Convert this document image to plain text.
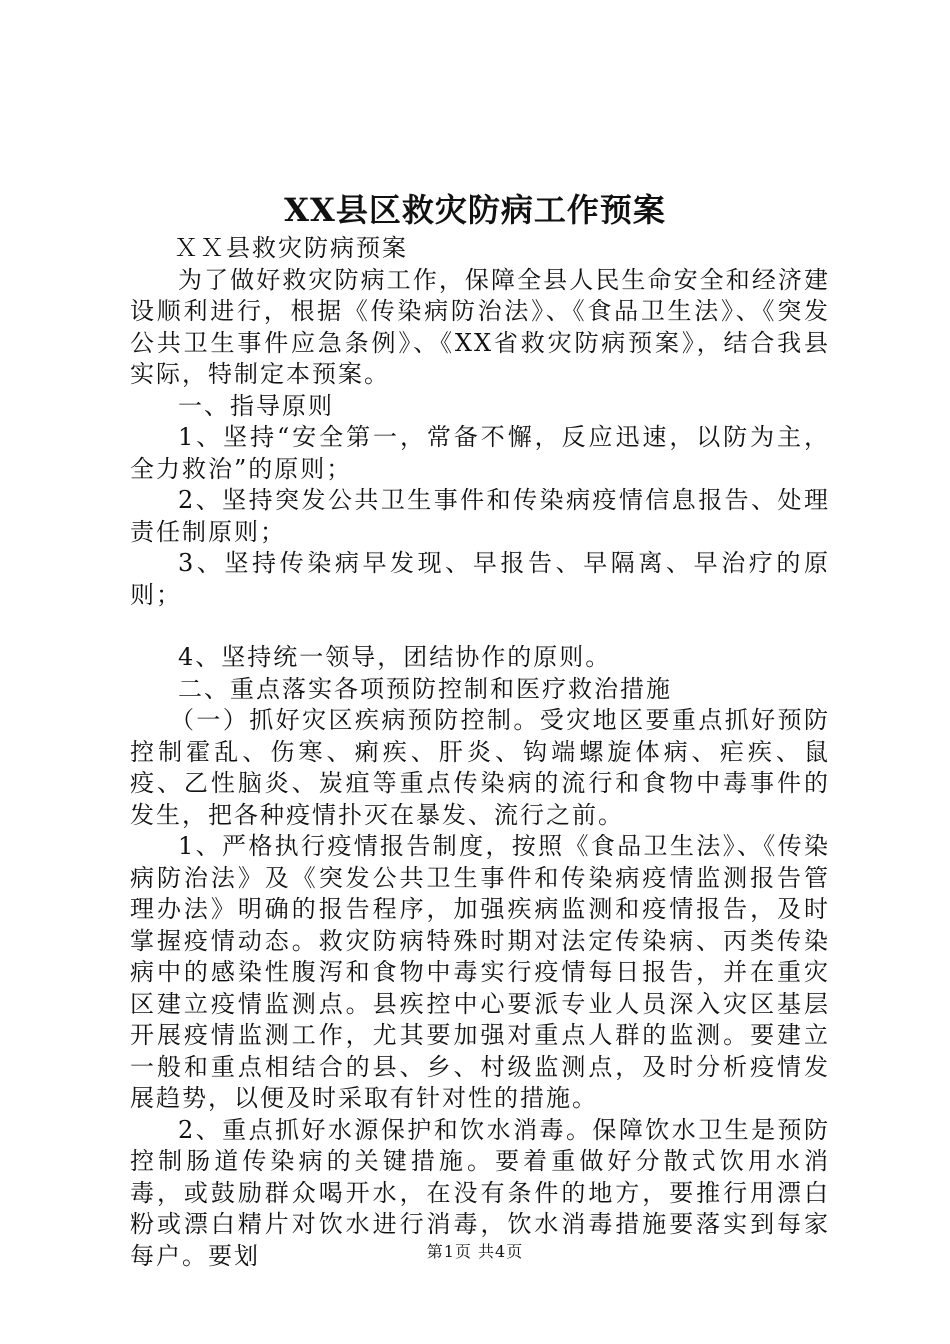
XX县区救灾防病工作预案

ＸＸ县救灾防病预案

为了做好救灾防病工作，保障全县人民生命安全和经济建设顺利进行，根据《传染病防治法》、《食品卫生法》、《突发公共卫生事件应急条例》、《XX省救灾防病预案》，结合我县实际，特制定本预案。

一、指导原则

1、坚持“安全第一，常备不懈，反应迅速，以防为主，全力救治”的原则；

2、坚持突发公共卫生事件和传染病疫情信息报告、处理责任制原则；

3、坚持传染病早发现、早报告、早隔离、早治疗的原则；

4、坚持统一领导，团结协作的原则。

二、重点落实各项预防控制和医疗救治措施

（一）抓好灾区疾病预防控制。受灾地区要重点抓好预防控制霍乱、伤寒、痢疾、肝炎、钩端螺旋体病、疟疾、鼠疫、乙性脑炎、炭疽等重点传染病的流行和食物中毒事件的发生，把各种疫情扑灭在暴发、流行之前。

1、严格执行疫情报告制度，按照《食品卫生法》、《传染病防治法》及《突发公共卫生事件和传染病疫情监测报告管理办法》明确的报告程序，加强疾病监测和疫情报告，及时掌握疫情动态。救灾防病特殊时期对法定传染病、丙类传染病中的感染性腹泻和食物中毒实行疫情每日报告，并在重灾区建立疫情监测点。县疾控中心要派专业人员深入灾区基层开展疫情监测工作，尤其要加强对重点人群的监测。要建立一般和重点相结合的县、乡、村级监测点，及时分析疫情发展趋势，以便及时采取有针对性的措施。

2、重点抓好水源保护和饮水消毒。保障饮水卫生是预防控制肠道传染病的关键措施。要着重做好分散式饮用水消毒，或鼓励群众喝开水，在没有条件的地方，要推行用漂白粉或漂白精片对饮水进行消毒，饮水消毒措施要落实到每家每户。要划	第1页 共4页
